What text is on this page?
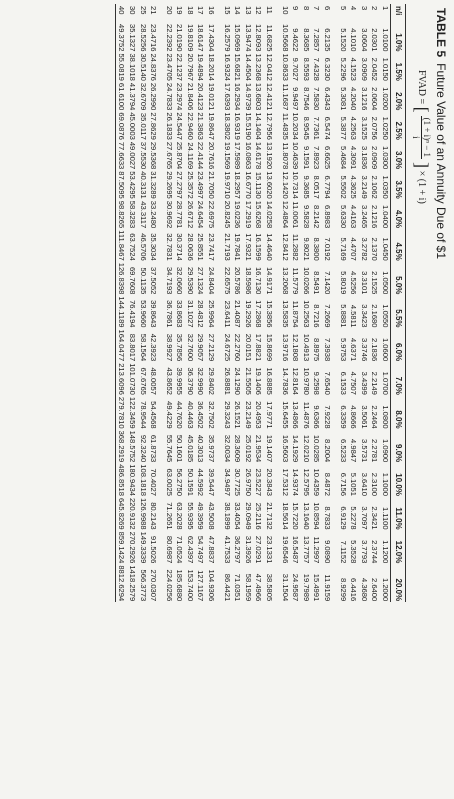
TABLE 5Future Value of an Annuity Due of $1
FVAD = [
(1 + i)ⁿ − 1
i
] × (1 + i)
n/i	1.0%	1.5%	2.0%	2.5%	3.0%	3.5%	4.0%	4.5%	5.0%	5.5%	6.0%	7.0%	8.0%	9.0%	10.0%	11.0%	12.0%	20.0%
1	1.0100	1.0150	1.0200	1.0250	1.0300	1.0350	1.0400	1.0450	1.0500	1.0550	1.0600	1.0700	1.0800	1.0900	1.1000	1.1100	1.1200	1.2000
2	2.0301	2.0452	2.0604	2.0756	2.0909	2.1062	2.1216	2.1370	2.1525	2.1680	2.1836	2.2149	2.2464	2.2781	2.3100	2.3421	2.3744	2.6400
3	3.0604	3.0909	3.1216	3.1525	3.1836	3.2149	3.2465	3.2782	3.3101	3.3423	3.3746	3.4399	3.5061	3.5731	3.6410	3.7097	3.7793	4.3680
4	4.1010	4.1523	4.2040	4.2563	4.3091	4.3625	4.4163	4.4707	4.5256	4.5811	4.6371	4.7507	4.8666	4.9847	5.1051	5.2278	5.3528	6.4416
5	5.1520	5.2296	5.3081	5.3877	5.4684	5.5502	5.6330	5.7169	5.8019	5.8881	5.9753	6.1533	6.3359	6.5233	6.7156	6.9129	7.1152	8.9299
6	6.2135	6.3230	6.4343	6.5474	6.6625	6.7794	6.8983	7.0192	7.1420	7.2669	7.3938	7.6540	7.9228	8.2004	8.4872	8.7833	9.0890	11.9159
7	7.2857	7.4328	7.5830	7.7361	7.8923	8.0517	8.2142	8.3800	8.5491	8.7216	8.8975	9.2598	9.6366	10.0285	10.4359	10.8594	11.2997	15.4991
8	8.3685	8.5593	8.7546	8.9545	9.1591	9.3685	9.5828	9.8021	10.0266	10.2563	10.4913	10.9780	11.4876	12.0210	12.5795	13.1640	13.7757	19.7989
9	9.4622	9.7027	9.9497	10.2034	10.4639	10.7314	11.0061	11.2882	11.5779	11.8754	12.1808	12.8164	13.4866	14.1929	14.9374	15.7220	16.5487	24.9587
10	10.5668	10.8633	11.1687	11.4835	11.8078	12.1420	12.4864	12.8412	13.2068	13.5835	13.9716	14.7836	15.6455	16.5603	17.5312	18.5614	19.6546	31.1504
11	11.6825	12.0412	12.4121	12.7956	13.1920	13.6020	14.0258	14.4640	14.9171	15.3856	15.8699	16.8885	17.9771	19.1407	20.3843	21.7132	23.1331	38.5805
12	12.8093	13.2368	13.6803	14.1404	14.6178	15.1130	15.6268	16.1599	16.7130	17.2868	17.8821	19.1406	20.4953	21.9534	23.5227	25.2116	27.0291	47.4966
13	13.9474	14.4504	14.9739	15.5190	16.0863	16.6770	17.2919	17.9321	18.5986	19.2926	20.0151	21.5505	23.2149	25.0192	26.9750	29.0949	31.3926	58.1959
14	15.0969	15.6821	16.2934	16.9319	17.5989	18.2957	19.0236	19.7841	20.5786	21.4087	22.2760	24.1290	26.1521	28.3609	30.7725	33.4054	36.2797	71.0351
15	16.2579	16.9324	17.6393	18.3802	19.1569	19.9710	20.8245	21.7193	22.6575	23.6411	24.6725	26.8881	29.3243	32.0034	34.9497	38.1899	41.7533	86.4421
16	17.4304	18.2014	19.0121	19.8647	20.7616	21.7050	22.6975	23.7417	24.8404	25.9964	27.2129	29.8402	32.7502	35.9737	39.5447	43.5008	47.8837	104.9306
17	18.6147	19.4894	20.4123	21.3863	22.4144	23.4997	24.6454	25.8551	27.1324	28.4812	29.9057	32.9990	36.4502	40.3013	44.5992	49.3959	54.7497	127.1167
18	19.8109	20.7967	21.8406	22.9460	24.1169	25.3572	26.6712	28.0636	29.5390	31.1027	32.7600	36.3790	40.4463	45.0185	50.1591	55.9395	62.4397	153.7400
19	21.0190	22.1237	23.2974	24.5447	25.8704	27.2797	28.7781	30.3714	32.0660	33.8683	35.7856	39.9955	44.7620	50.1601	56.2750	63.2028	71.0524	185.6880
20	22.2392	23.4705	24.7833	26.1833	27.6765	29.2695	30.9692	32.7831	34.7193	36.7861	38.9927	43.8652	49.4229	55.7645	63.0025	71.2651	80.6987	224.0256
21	23.4716	24.8376	26.2990	27.8629	29.5368	31.3289	33.2480	35.3034	37.5052	39.8643	42.3923	48.0057	54.4568	61.8733	70.4027	80.2143	91.5026	270.0307
25	28.5256	30.5140	32.6709	35.0117	37.5530	40.3131	43.3117	46.5706	50.1135	53.9660	58.1564	67.6765	78.9544	92.3240	108.1818	126.9988	149.3339	566.3773
30	35.1327	38.1018	41.3794	45.0003	49.0027	53.4295	58.3283	63.7524	69.7608	76.4194	83.8017	101.0730	122.3459	148.5752	180.9434	220.9132	270.2926	1418.2579
40	49.3752	55.0819	61.6100	69.0876	77.6633	87.5095	98.8265	111.8467	126.8398	144.1189	164.0477	213.6096	279.7810	368.2919	486.8518	645.8269	859.1424	8812.6294
